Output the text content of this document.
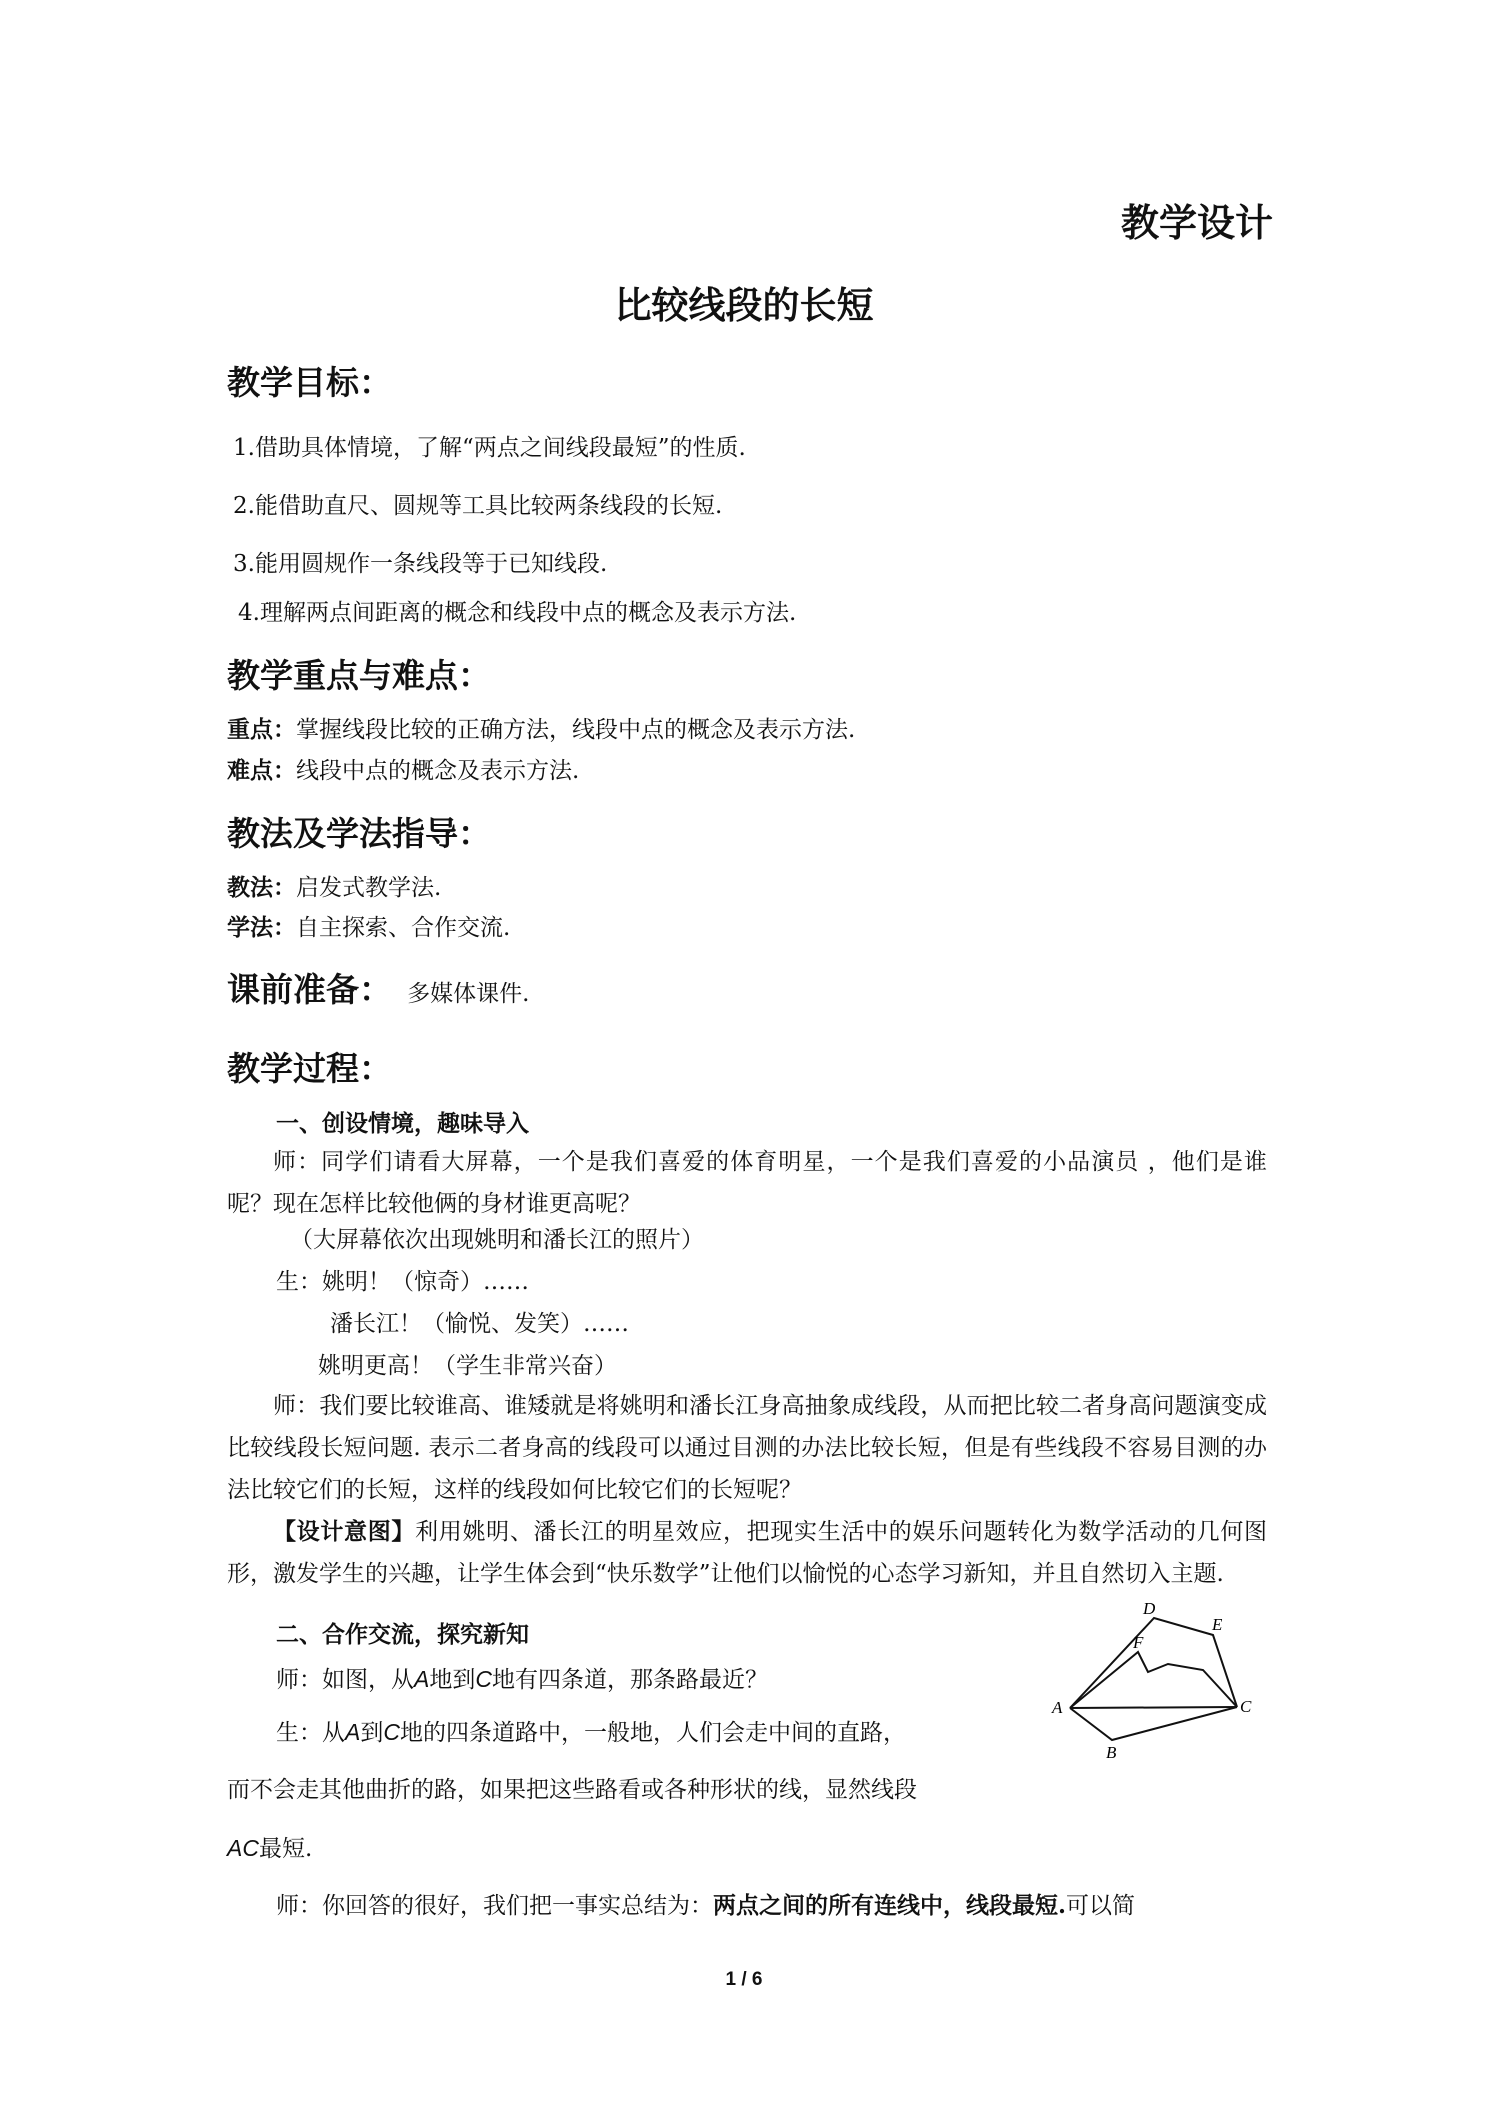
教学设计
比较线段的长短
教学目标：
1.借助具体情境，了解“两点之间线段最短”的性质.
2.能借助直尺、圆规等工具比较两条线段的长短.
3.能用圆规作一条线段等于已知线段.
4.理解两点间距离的概念和线段中点的概念及表示方法.
教学重点与难点：
重点：掌握线段比较的正确方法，线段中点的概念及表示方法.
难点：线段中点的概念及表示方法.
教法及学法指导：
教法：启发式教学法.
学法：自主探索、合作交流.
课前准备： 多媒体课件.
教学过程：
一、创设情境，趣味导入
师：同学们请看大屏幕，一个是我们喜爱的体育明星，一个是我们喜爱的小品演员 ，他们是谁呢？现在怎样比较他俩的身材谁更高呢？
（大屏幕依次出现姚明和潘长江的照片）
生：姚明！（惊奇）……
潘长江！（愉悦、发笑）……
姚明更高！（学生非常兴奋）
师：我们要比较谁高、谁矮就是将姚明和潘长江身高抽象成线段，从而把比较二者身高问题演变成比较线段长短问题. 表示二者身高的线段可以通过目测的办法比较长短，但是有些线段不容易目测的办法比较它们的长短，这样的线段如何比较它们的长短呢？
【设计意图】利用姚明、潘长江的明星效应，把现实生活中的娱乐问题转化为数学活动的几何图形，激发学生的兴趣，让学生体会到“快乐数学”让他们以愉悦的心态学习新知，并且自然切入主题.
二、合作交流，探究新知
师：如图，从A地到C地有四条道，那条路最近？
生：从A到C地的四条道路中，一般地，人们会走中间的直路，
而不会走其他曲折的路，如果把这些路看或各种形状的线，显然线段
AC最短.
师：你回答的很好，我们把一事实总结为：两点之间的所有连线中，线段最短.可以简
D
E
F
A	C
B
1 / 6
